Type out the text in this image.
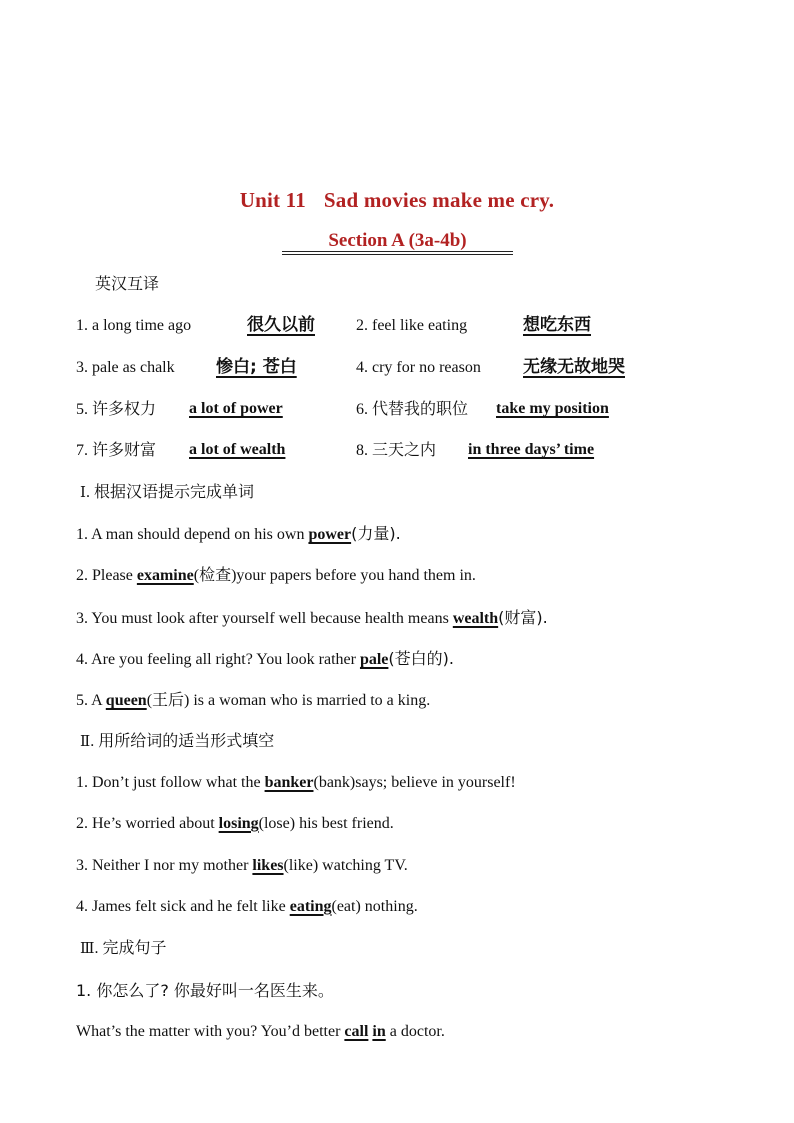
Unit 11 Sad movies make me cry.
Section A (3a-4b)
英汉互译
1. a long time ago	很久以前	2. feel like eating	想吃东西
3. pale as chalk 惨白; 苍白	4. cry for no reason 无缘无故地哭
5. 许多权力 a lot of power	6. 代替我的职位 take my position
7. 许多财富 a lot of wealth	8. 三天之内 in three days’ time
Ⅰ. 根据汉语提示完成单词
1. A man should depend on his own power(力量).
2. Please examine(检查)your papers before you hand them in.
3. You must look after yourself well because health means wealth(财富).
4. Are you feeling all right? You look rather pale(苍白的).
5. A queen(王后) is a woman who is married to a king.
Ⅱ. 用所给词的适当形式填空
1. Don’t just follow what the banker(bank)says; believe in yourself!
2. He’s worried about losing(lose) his best friend.
3. Neither I nor my mother likes(like) watching TV.
4. James felt sick and he felt like eating(eat) nothing.
Ⅲ. 完成句子
1. 你怎么了? 你最好叫一名医生来。
What’s the matter with you? You’d better call in a doctor.
